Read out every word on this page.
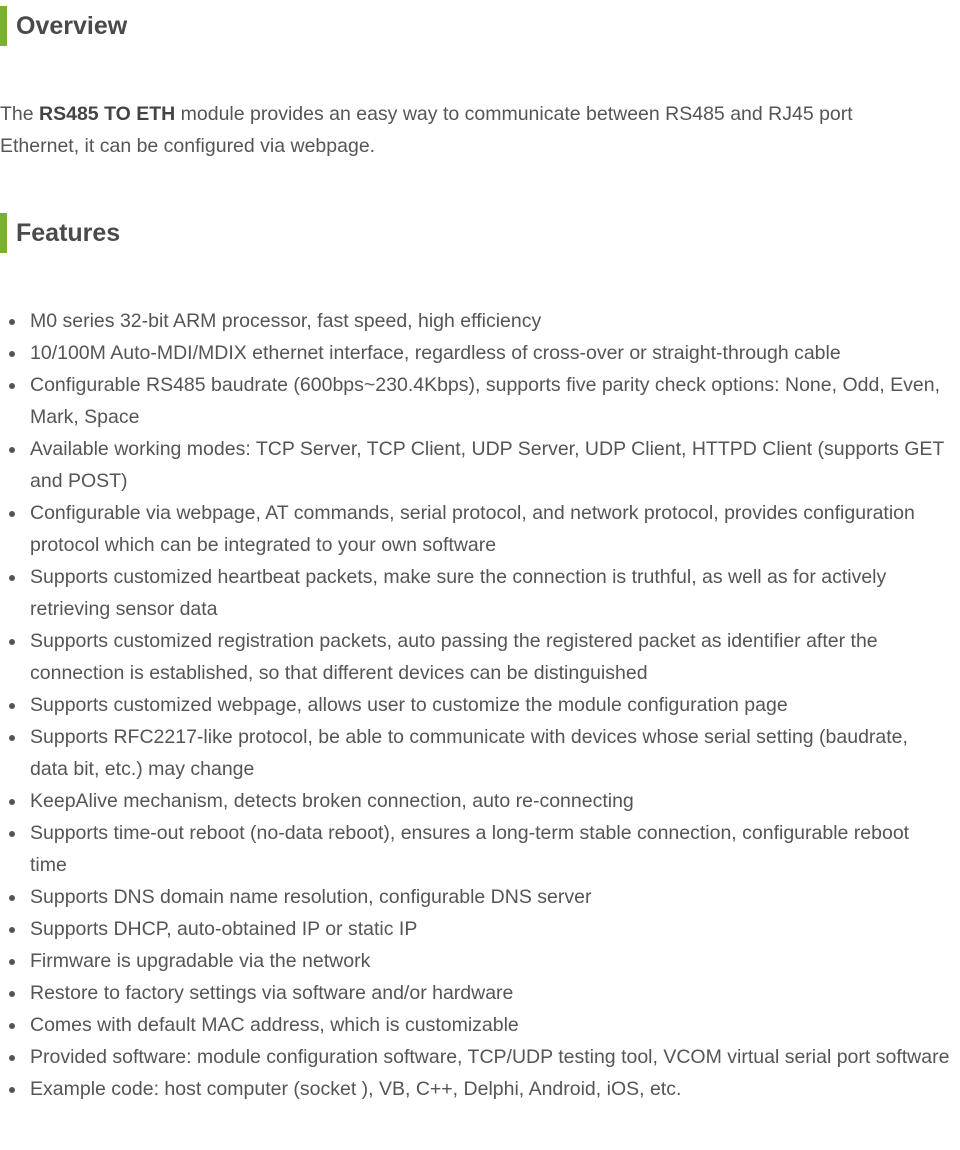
Overview

The RS485 TO ETH module provides an easy way to communicate between RS485 and RJ45 port Ethernet, it can be configured via webpage.

Features
M0 series 32-bit ARM processor, fast speed, high efficiency
10/100M Auto-MDI/MDIX ethernet interface, regardless of cross-over or straight-through cable
Configurable RS485 baudrate (600bps~230.4Kbps), supports five parity check options: None, Odd, Even, Mark, Space
Available working modes: TCP Server, TCP Client, UDP Server, UDP Client, HTTPD Client (supports GET and POST)
Configurable via webpage, AT commands, serial protocol, and network protocol, provides configuration protocol which can be integrated to your own software
Supports customized heartbeat packets, make sure the connection is truthful, as well as for actively retrieving sensor data
Supports customized registration packets, auto passing the registered packet as identifier after the connection is established, so that different devices can be distinguished
Supports customized webpage, allows user to customize the module configuration page
Supports RFC2217-like protocol, be able to communicate with devices whose serial setting (baudrate, data bit, etc.) may change
KeepAlive mechanism, detects broken connection, auto re-connecting
Supports time-out reboot (no-data reboot), ensures a long-term stable connection, configurable reboot time
Supports DNS domain name resolution, configurable DNS server
Supports DHCP, auto-obtained IP or static IP
Firmware is upgradable via the network
Restore to factory settings via software and/or hardware
Comes with default MAC address, which is customizable
Provided software: module configuration software, TCP/UDP testing tool, VCOM virtual serial port software
Example code: host computer (socket ), VB, C++, Delphi, Android, iOS, etc.
